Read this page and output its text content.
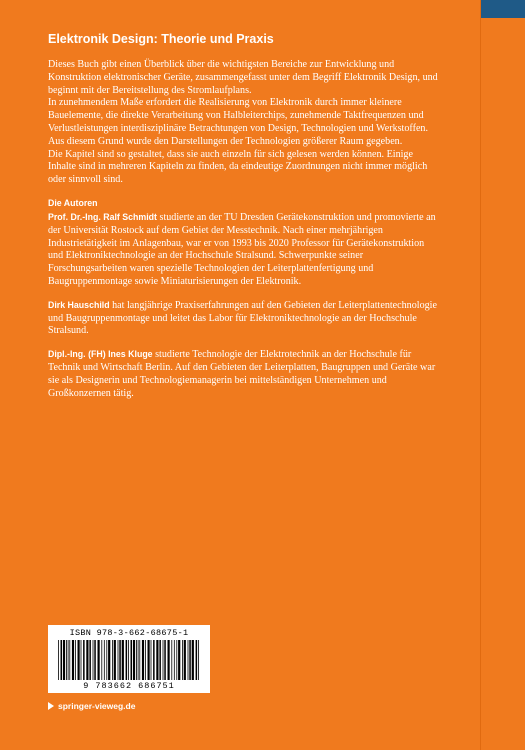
Elektronik Design: Theorie und Praxis

Dieses Buch gibt einen Überblick über die wichtigsten Bereiche zur Entwicklung und Konstruktion elektronischer Geräte, zusammengefasst unter dem Begriff Elektronik Design, und beginnt mit der Bereitstellung des Stromlaufplans.

In zunehmendem Maße erfordert die Realisierung von Elektronik durch immer kleinere Bauelemente, die direkte Verarbeitung von Halbleiterchips, zunehmende Taktfrequenzen und Verlustleistungen interdisziplinäre Betrachtungen von Design, Technologien und Werkstoffen. Aus diesem Grund wurde den Darstellungen der Technologien größerer Raum gegeben.

Die Kapitel sind so gestaltet, dass sie auch einzeln für sich gelesen werden können. Einige Inhalte sind in mehreren Kapiteln zu finden, da eindeutige Zuordnungen nicht immer möglich oder sinnvoll sind.

Die Autoren

Prof. Dr.-Ing. Ralf Schmidt studierte an der TU Dresden Gerätekonstruktion und promovierte an der Universität Rostock auf dem Gebiet der Messtechnik. Nach einer mehrjährigen Industrietätigkeit im Anlagenbau, war er von 1993 bis 2020 Professor für Gerätekonstruktion und Elektroniktechnologie an der Hochschule Stralsund. Schwerpunkte seiner Forschungsarbeiten waren spezielle Technologien der Leiterplattenfertigung und Baugruppenmontage sowie Miniaturisierungen der Elektronik.

Dirk Hauschild hat langjährige Praxiserfahrungen auf den Gebieten der Leiterplattentechnologie und Baugruppenmontage und leitet das Labor für Elektroniktechnologie an der Hochschule Stralsund.

Dipl.-Ing. (FH) Ines Kluge studierte Technologie der Elektrotechnik an der Hochschule für Technik und Wirtschaft Berlin. Auf den Gebieten der Leiterplatten, Baugruppen und Geräte war sie als Designerin und Technologiemanagerin bei mittelständigen Unternehmen und Großkonzernen tätig.

ISBN 978-3-662-68675-1
9 783662 686751
springer-vieweg.de
